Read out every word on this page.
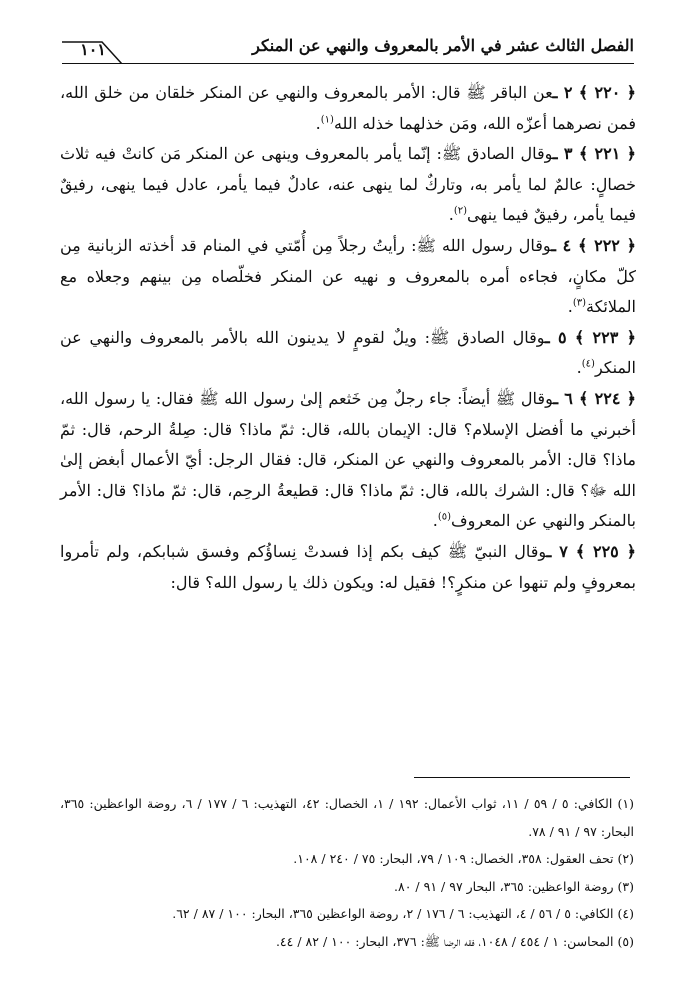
الفصل الثالث عشر في الأمر بالمعروف والنهي عن المنكر
١٠١

﴿ ٢٢٠ ﴾ ٢ ـعن الباقر ﷺ قال: الأمر بالمعروف والنهي عن المنكر خلقان من خلق الله، فمن نصرهما أعزّه الله، ومَن خذلهما خذله الله$^{(١)}$.

﴿ ٢٢١ ﴾ ٣ ـوقال الصادق ﷺ: إنّما يأمر بالمعروف وينهى عن المنكر مَن كانتْ فيه ثلاث خصالٍ: عالمٌ لما يأمر به، وتاركٌ لما ينهى عنه، عادلٌ فيما يأمر، عادل فيما ينهى، رفيقٌ فيما يأمر، رفيقٌ فيما ينهى$^{(٢)}$.

﴿ ٢٢٢ ﴾ ٤ ـوقال رسول الله ﷺ: رأيتُ رجلاً مِن أُمّتي في المنام قد أخذته الزبانية مِن كلّ مكانٍ، فجاءه أمره بالمعروف و نهيه عن المنكر فخلّصاه مِن بينهم وجعلاه مع الملائكة$^{(٣)}$.

﴿ ٢٢٣ ﴾ ٥ ـوقال الصادق ﷺ: ويلٌ لقومٍ لا يدينون الله بالأمر بالمعروف والنهي عن المنكر$^{(٤)}$.

﴿ ٢٢٤ ﴾ ٦ ـوقال ﷺ أيضاً: جاء رجلٌ مِن خَثعم إلىٰ رسول الله ﷺ فقال: يا رسول الله، أخبرني ما أفضل الإسلام؟ قال: الإيمان بالله، قال: ثمّ ماذا؟ قال: صِلةُ الرحم، قال: ثمّ ماذا؟ قال: الأمر بالمعروف والنهي عن المنكر، قال: فقال الرجل: أيّ الأعمال أبغض إلىٰ الله ﷻ؟ قال: الشرك بالله، قال: ثمّ ماذا؟ قال: قطيعةُ الرحِم، قال: ثمّ ماذا؟ قال: الأمر بالمنكر والنهي عن المعروف$^{(٥)}$.

﴿ ٢٢٥ ﴾ ٧ ـوقال النبيّ ﷺ كيف بكم إذا فسدتْ نِساؤُكم وفسق شبابكم، ولم تأمروا بمعروفٍ ولم تنهوا عن منكرٍ؟! فقيل له: ويكون ذلك يا رسول الله؟ قال:

(١) الكافي: ٥ / ٥٩ / ١١، ثواب الأعمال: ١٩٢ / ١، الخصال: ٤٢، التهذيب: ٦ / ١٧٧ / ٦، روضة الواعظين: ٣٦٥، البحار: ٩٧ / ٩١ / ٧٨.

(٢) تحف العقول: ٣٥٨، الخصال: ١٠٩ / ٧٩، البحار: ٧٥ / ٢٤٠ / ١٠٨.

(٣) روضة الواعظين: ٣٦٥، البحار ٩٧ / ٩١ / ٨٠.

(٤) الكافي: ٥ / ٥٦ / ٤، التهذيب: ٦ / ١٧٦ / ٢، روضة الواعظين ٣٦٥، البحار: ١٠٠ / ٨٧ / ٦٢.

(٥) المحاسن: ١ / ٤٥٤ / ١٠٤٨، فقه الرضا ﷺ: ٣٧٦، البحار: ١٠٠ / ٨٢ / ٤٤.
